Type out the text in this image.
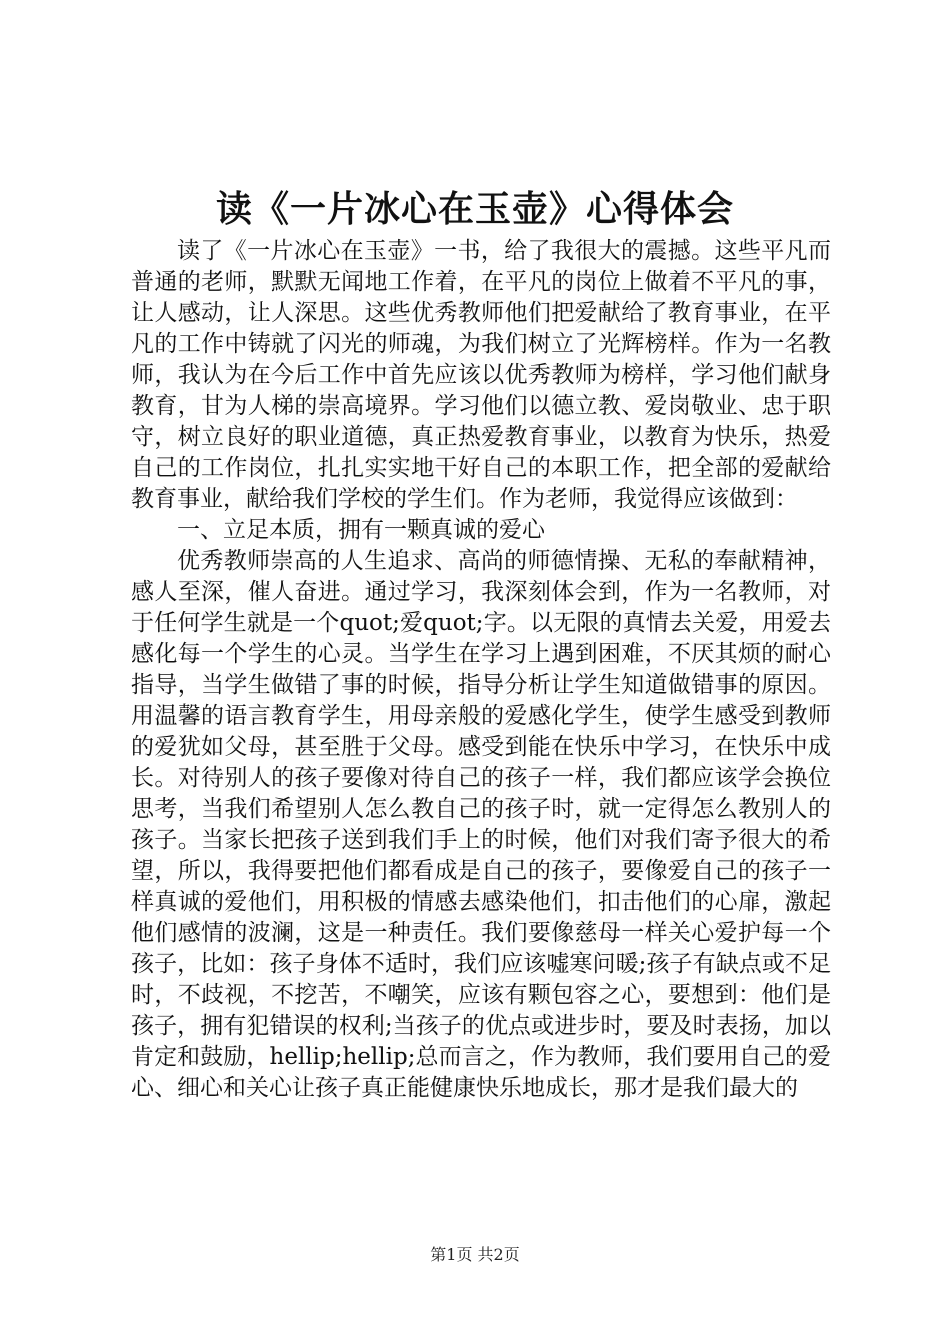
读《一片冰心在玉壶》心得体会

读了《一片冰心在玉壶》一书，给了我很大的震撼。这些平凡而普通的老师，默默无闻地工作着，在平凡的岗位上做着不平凡的事，让人感动，让人深思。这些优秀教师他们把爱献给了教育事业，在平凡的工作中铸就了闪光的师魂，为我们树立了光辉榜样。作为一名教师，我认为在今后工作中首先应该以优秀教师为榜样，学习他们献身教育，甘为人梯的崇高境界。学习他们以德立教、爱岗敬业、忠于职守，树立良好的职业道德，真正热爱教育事业，以教育为快乐，热爱自己的工作岗位，扎扎实实地干好自己的本职工作，把全部的爱献给教育事业，献给我们学校的学生们。作为老师，我觉得应该做到：

一、立足本质，拥有一颗真诚的爱心

优秀教师崇高的人生追求、高尚的师德情操、无私的奉献精神，感人至深，催人奋进。通过学习，我深刻体会到，作为一名教师，对于任何学生就是一个quot;爱quot;字。以无限的真情去关爱，用爱去感化每一个学生的心灵。当学生在学习上遇到困难，不厌其烦的耐心指导，当学生做错了事的时候，指导分析让学生知道做错事的原因。用温馨的语言教育学生，用母亲般的爱感化学生，使学生感受到教师的爱犹如父母，甚至胜于父母。感受到能在快乐中学习，在快乐中成长。对待别人的孩子要像对待自己的孩子一样，我们都应该学会换位思考，当我们希望别人怎么教自己的孩子时，就一定得怎么教别人的孩子。当家长把孩子送到我们手上的时候，他们对我们寄予很大的希望，所以，我得要把他们都看成是自己的孩子，要像爱自己的孩子一样真诚的爱他们，用积极的情感去感染他们，扣击他们的心扉，激起他们感情的波澜，这是一种责任。我们要像慈母一样关心爱护每一个孩子，比如：孩子身体不适时，我们应该嘘寒问暖;孩子有缺点或不足时，不歧视，不挖苦，不嘲笑，应该有颗包容之心，要想到：他们是孩子，拥有犯错误的权利;当孩子的优点或进步时，要及时表扬，加以肯定和鼓励，hellip;hellip;总而言之，作为教师，我们要用自己的爱心、细心和关心让孩子真正能健康快乐地成长，那才是我们最大的

第1页 共2页
